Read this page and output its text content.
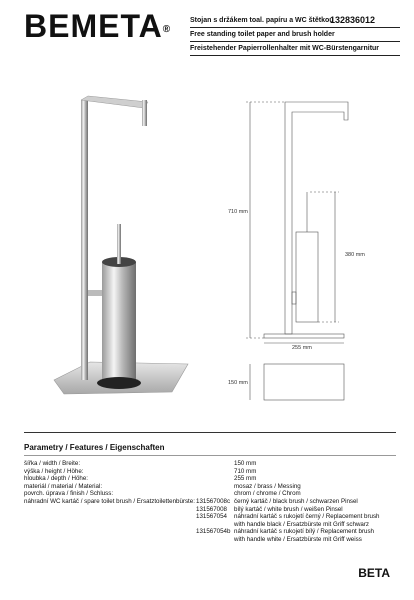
BEMETA®
Stojan s držákem toal. papíru a WC štětkou
Free standing toilet paper and brush holder
Freistehender Papierrollenhalter mit WC-Bürstengarnitur
132836012
710 mm
380 mm
255 mm
150 mm
Parametry / Features / Eigenschaften
šířka / width / Breite:	150 mm
výška / height / Höhe:	710 mm
hloubka / depth / Höhe:	255 mm
materiál / material / Material:	mosaz / brass / Messing
povrch. úprava / finish / Schluss:	chrom / chrome / Chrom
náhradní WC kartáč / spare toilet brush / Ersatztoilettenbürste: 131567008c černý kartáč / black brush / schwarzen Pinsel
131567008	bílý kartáč / white brush / weißen Pinsel
131567054	náhradní kartáč s rukojetí černý / Replacement brush
with handle black / Ersatzbürste mit Griff schwarz
131567054b náhradní kartáč s rukojetí bílý / Replacement brush
with handle white / Ersatzbürste mit Griff weiss
BETA
